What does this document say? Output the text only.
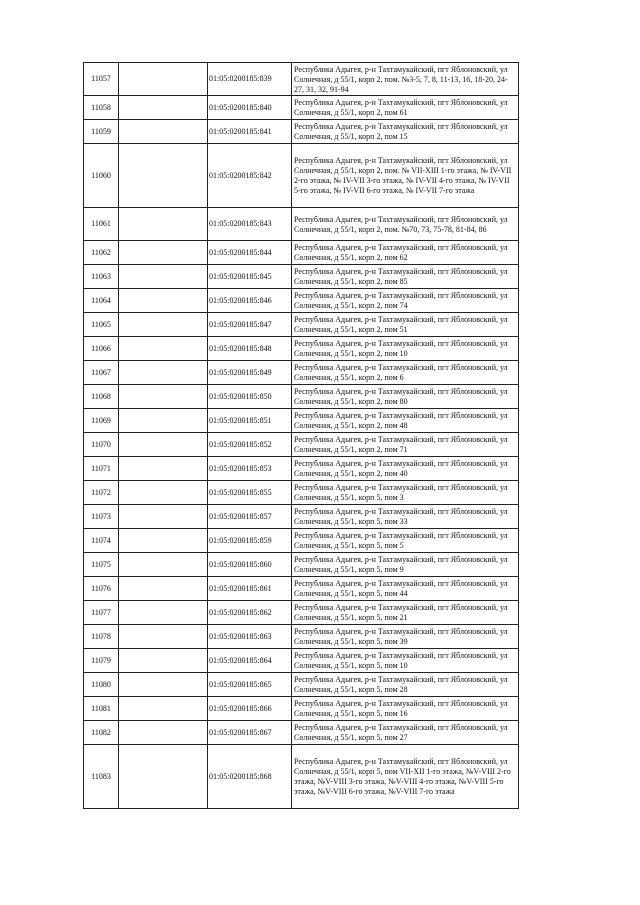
11057		01:05:0200185:839	Республика Адыгея, р-н Тахтамукайский, пгт Яблоновский, ул Солнечная, д 55/1, корп 2, пом. №3-5, 7, 8, 11-13, 16, 18-20, 24-27, 31, 32, 91-94
11058		01:05:0200185:840	Республика Адыгея, р-н Тахтамукайский, пгт Яблоновский, ул Солнечная, д 55/1, корп 2, пом 61
11059		01:05:0200185:841	Республика Адыгея, р-н Тахтамукайский, пгт Яблоновский, ул Солнечная, д 55/1, корп 2, пом 15
11060		01:05:0200185:842	Республика Адыгея, р-н Тахтамукайский, пгт Яблоновский, ул Солнечная, д 55/1, корп 2, пом. № VII-XIII 1-го этажа, № IV-VII 2-го этажа, № IV-VII 3-го этажа, № IV-VII 4-го этажа, № IV-VII 5-го этажа, № IV-VII 6-го этажа, № IV-VII 7-го этажа
11061		01:05:0200185:843	Республика Адыгея, р-н Тахтамукайский, пгт Яблоновский, ул Солнечная, д 55/1, корп 2, пом. №70, 73, 75-78, 81-84, 86
11062		01:05:0200185:844	Республика Адыгея, р-н Тахтамукайский, пгт Яблоновский, ул Солнечная, д 55/1, корп 2, пом 62
11063		01:05:0200185:845	Республика Адыгея, р-н Тахтамукайский, пгт Яблоновский, ул Солнечная, д 55/1, корп 2, пом 85
11064		01:05:0200185:846	Республика Адыгея, р-н Тахтамукайский, пгт Яблоновский, ул Солнечная, д 55/1, корп 2, пом 74
11065		01:05:0200185:847	Республика Адыгея, р-н Тахтамукайский, пгт Яблоновский, ул Солнечная, д 55/1, корп 2, пом 51
11066		01:05:0200185:848	Республика Адыгея, р-н Тахтамукайский, пгт Яблоновский, ул Солнечная, д 55/1, корп 2, пом 10
11067		01:05:0200185:849	Республика Адыгея, р-н Тахтамукайский, пгт Яблоновский, ул Солнечная, д 55/1, корп 2, пом 6
11068		01:05:0200185:850	Республика Адыгея, р-н Тахтамукайский, пгт Яблоновский, ул Солнечная, д 55/1, корп 2, пом 80
11069		01:05:0200185:851	Республика Адыгея, р-н Тахтамукайский, пгт Яблоновский, ул Солнечная, д 55/1, корп 2, пом 48
11070		01:05:0200185:852	Республика Адыгея, р-н Тахтамукайский, пгт Яблоновский, ул Солнечная, д 55/1, корп 2, пом 71
11071		01:05:0200185:853	Республика Адыгея, р-н Тахтамукайский, пгт Яблоновский, ул Солнечная, д 55/1, корп 2, пом 40
11072		01:05:0200185:855	Республика Адыгея, р-н Тахтамукайский, пгт Яблоновский, ул Солнечная, д 55/1, корп 5, пом 3
11073		01:05:0200185:857	Республика Адыгея, р-н Тахтамукайский, пгт Яблоновский, ул Солнечная, д 55/1, корп 5, пом 33
11074		01:05:0200185:859	Республика Адыгея, р-н Тахтамукайский, пгт Яблоновский, ул Солнечная, д 55/1, корп 5, пом 5
11075		01:05:0200185:860	Республика Адыгея, р-н Тахтамукайский, пгт Яблоновский, ул Солнечная, д 55/1, корп 5, пом 9
11076		01:05:0200185:861	Республика Адыгея, р-н Тахтамукайский, пгт Яблоновский, ул Солнечная, д 55/1, корп 5, пом 44
11077		01:05:0200185:862	Республика Адыгея, р-н Тахтамукайский, пгт Яблоновский, ул Солнечная, д 55/1, корп 5, пом 21
11078		01:05:0200185:863	Республика Адыгея, р-н Тахтамукайский, пгт Яблоновский, ул Солнечная, д 55/1, корп 5, пом 39
11079		01:05:0200185:864	Республика Адыгея, р-н Тахтамукайский, пгт Яблоновский, ул Солнечная, д 55/1, корп 5, пом 10
11080		01:05:0200185:865	Республика Адыгея, р-н Тахтамукайский, пгт Яблоновский, ул Солнечная, д 55/1, корп 5, пом 28
11081		01:05:0200185:866	Республика Адыгея, р-н Тахтамукайский, пгт Яблоновский, ул Солнечная, д 55/1, корп 5, пом 16
11082		01:05:0200185:867	Республика Адыгея, р-н Тахтамукайский, пгт Яблоновский, ул Солнечная, д 55/1, корп 5, пом 27
11083		01:05:0200185:868	Республика Адыгея, р-н Тахтамукайский, пгт Яблоновский, ул Солнечная, д 55/1, корп 5, пом VII-XII 1-го этажа, №V-VIII 2-го этажа, №V-VIII 3-го этажа, №V-VIII 4-го этажа, №V-VIII 5-го этажа, №V-VIII 6-го этажа, №V-VIII 7-го этажа
